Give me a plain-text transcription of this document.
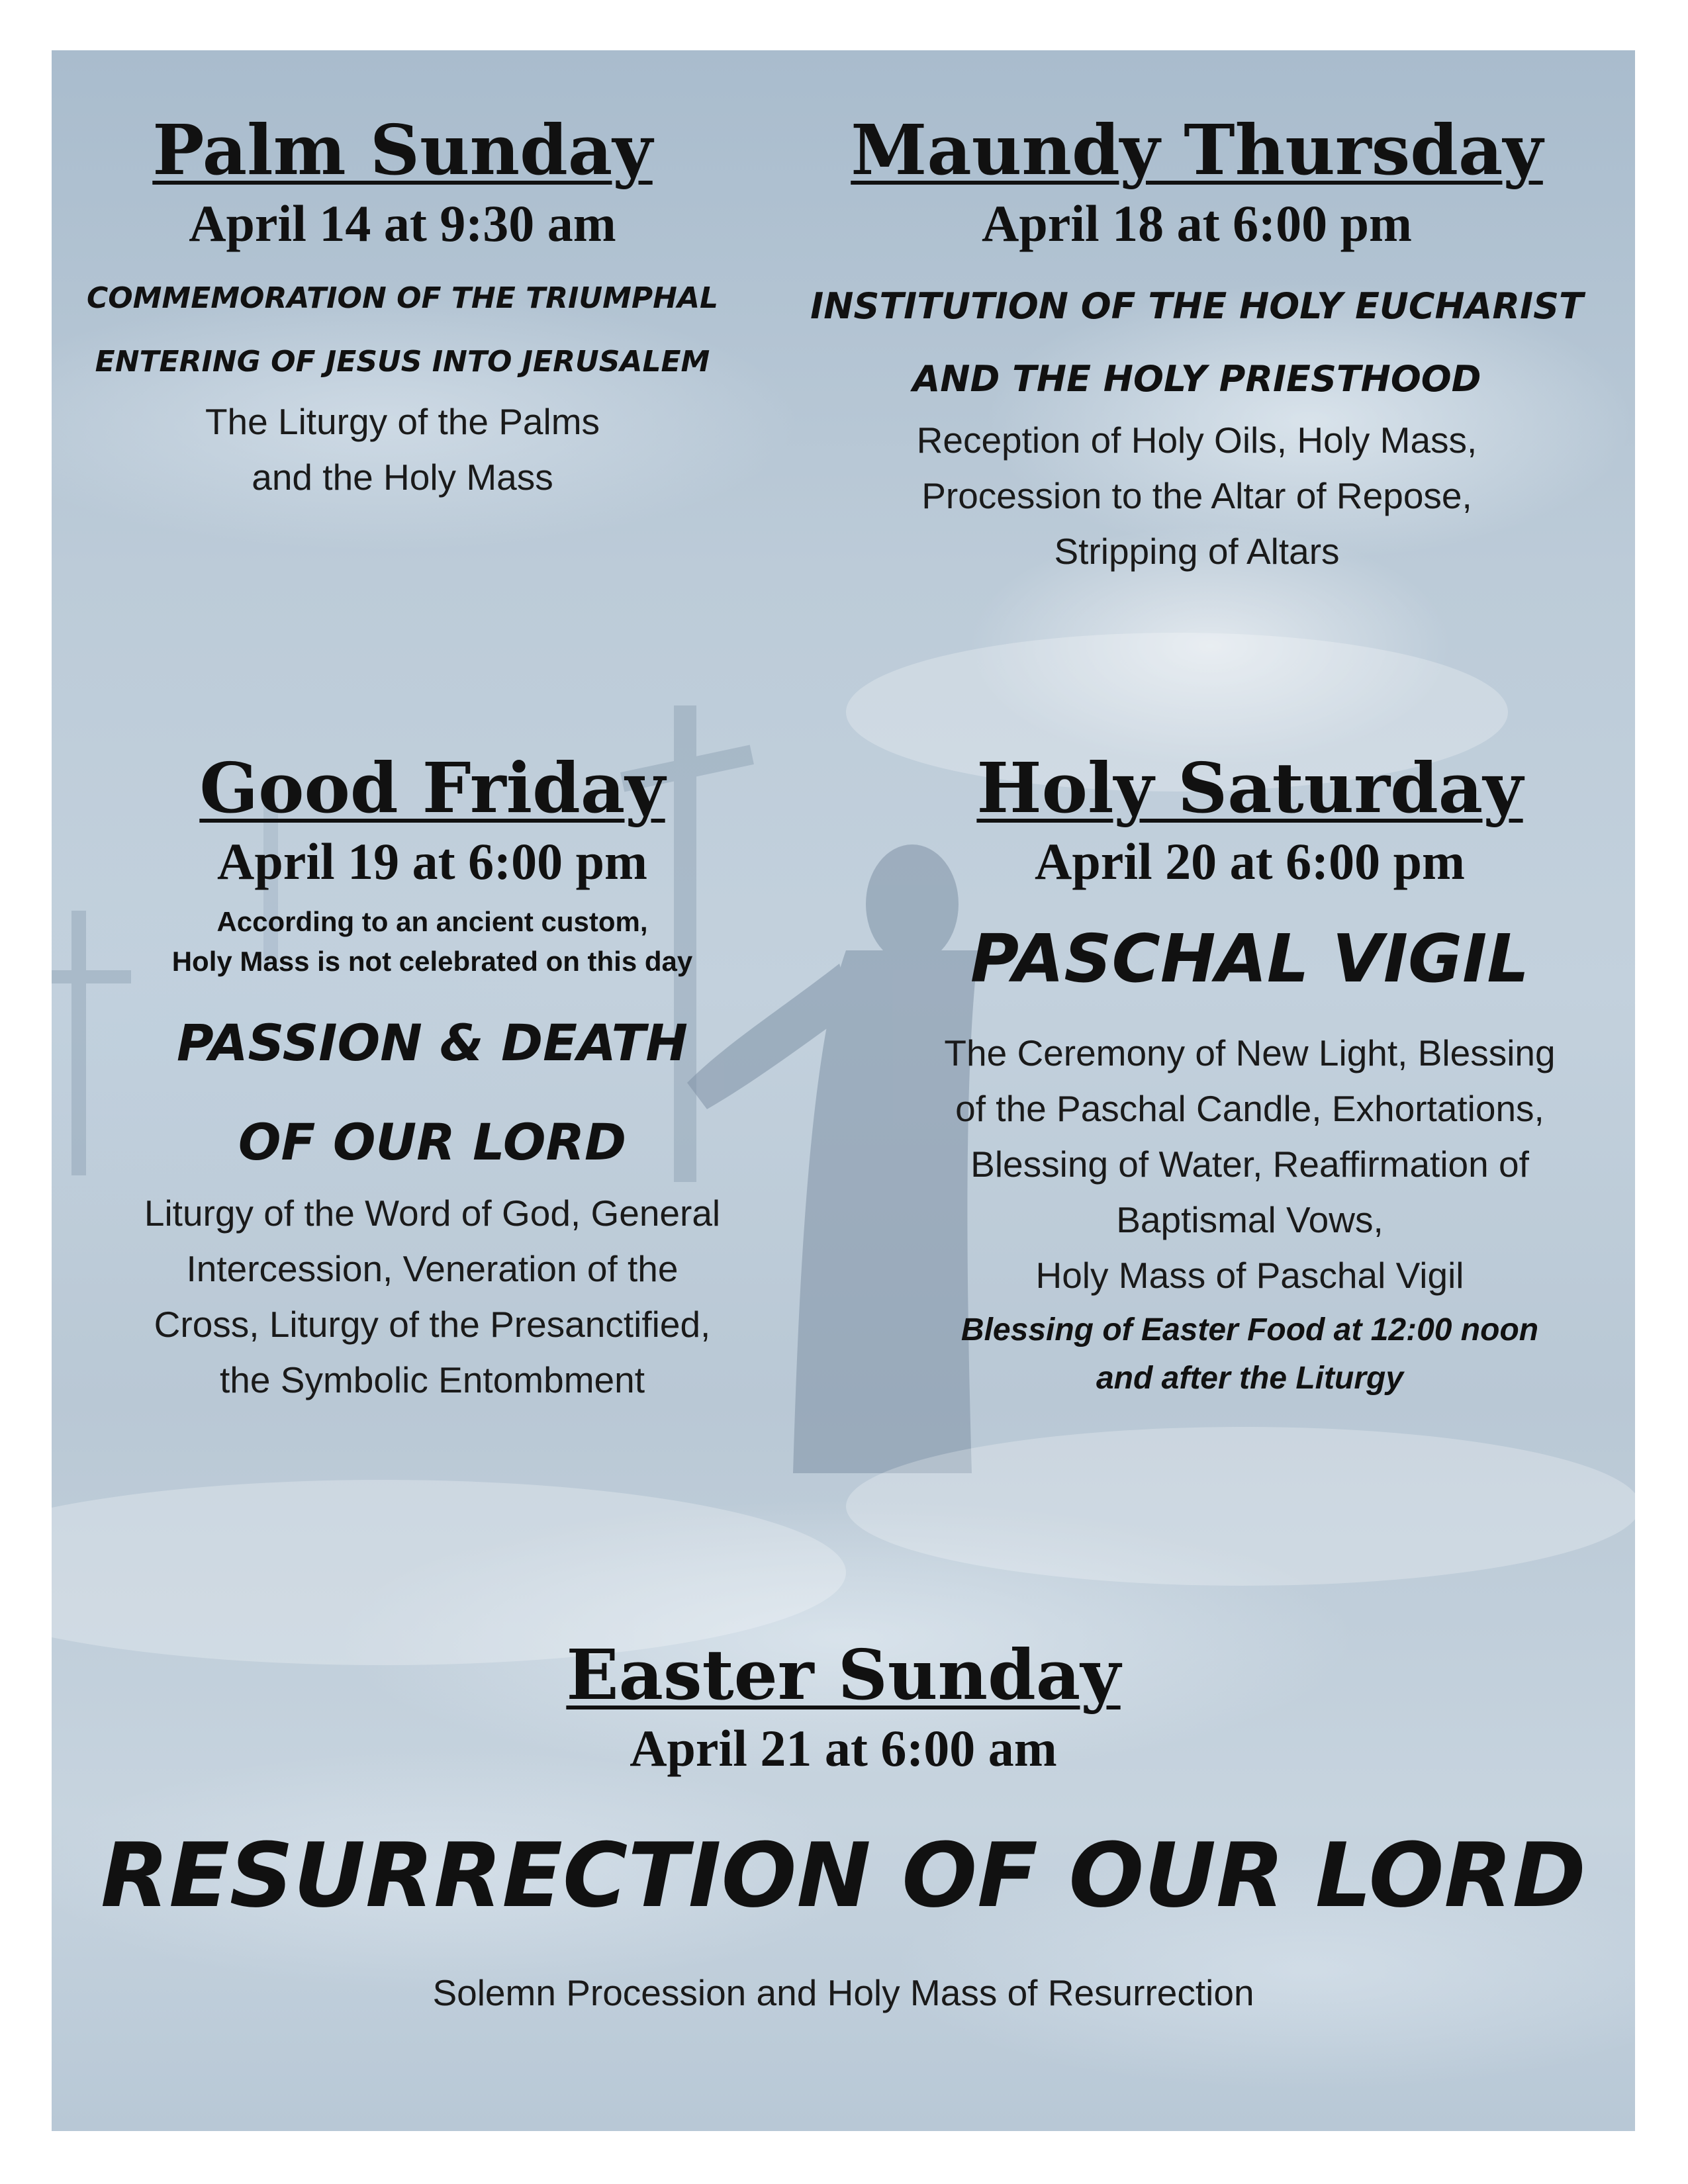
Palm Sunday
April 14 at 9:30 am

COMMEMORATION OF THE TRIUMPHAL

ENTERING OF JESUS INTO JERUSALEM

The Liturgy of the Palms

and the Holy Mass

Maundy Thursday
April 18 at 6:00 pm

INSTITUTION OF THE HOLY EUCHARIST

AND THE HOLY PRIESTHOOD

Reception of Holy Oils, Holy Mass,

Procession to the Altar of Repose,

Stripping of Altars

Good Friday
April 19 at 6:00 pm

According to an ancient custom,

Holy Mass is not celebrated on this day

PASSION & DEATH

OF OUR LORD

Liturgy of the Word of God, General

Intercession, Veneration of the

Cross, Liturgy of the Presanctified,

the Symbolic Entombment

Holy Saturday
April 20 at 6:00 pm

PASCHAL VIGIL

The Ceremony of New Light, Blessing

of the Paschal Candle, Exhortations,

Blessing of Water, Reaffirmation of

Baptismal Vows,

Holy Mass of Paschal Vigil

Blessing of Easter Food at 12:00 noon

and after the Liturgy

Easter Sunday
April 21 at 6:00 am

RESURRECTION OF OUR LORD

Solemn Procession and Holy Mass of Resurrection
